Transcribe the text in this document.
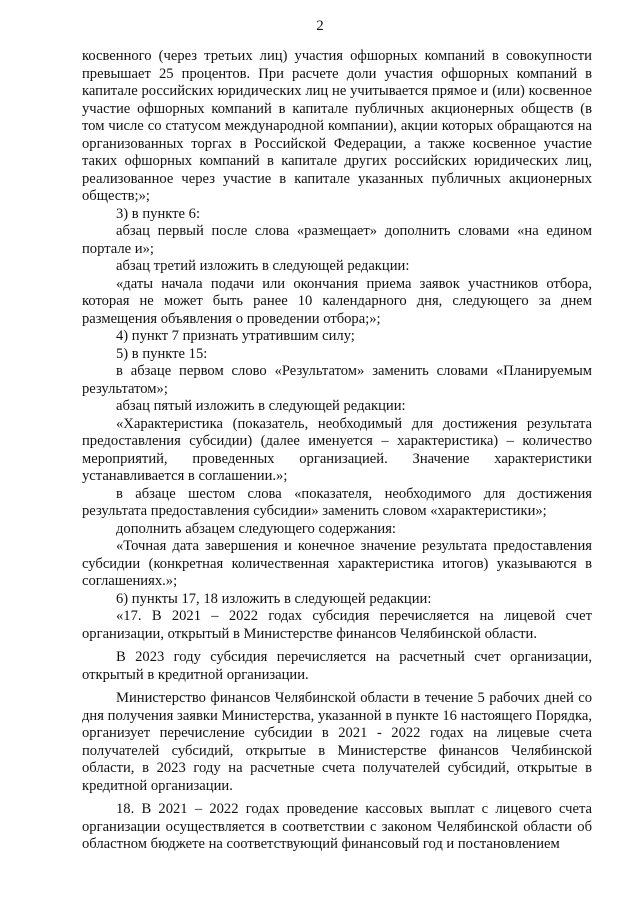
2

косвенного (через третьих лиц) участия офшорных компаний в совокупности превышает 25 процентов. При расчете доли участия офшорных компаний в капитале российских юридических лиц не учитывается прямое и (или) косвенное участие офшорных компаний в капитале публичных акционерных обществ (в том числе со статусом международной компании), акции которых обращаются на организованных торгах в Российской Федерации, а также косвенное участие таких офшорных компаний в капитале других российских юридических лиц, реализованное через участие в капитале указанных публичных акционерных обществ;»;

3) в пункте 6:

абзац первый после слова «размещает» дополнить словами «на едином портале и»;

абзац третий изложить в следующей редакции:

«даты начала подачи или окончания приема заявок участников отбора, которая не может быть ранее 10 календарного дня, следующего за днем размещения объявления о проведении отбора;»;

4) пункт 7 признать утратившим силу;

5) в пункте 15:

в абзаце первом слово «Результатом» заменить словами «Планируемым результатом»;

абзац пятый изложить в следующей редакции:

«Характеристика (показатель, необходимый для достижения результата предоставления субсидии) (далее именуется – характеристика) – количество мероприятий, проведенных организацией. Значение характеристики устанавливается в соглашении.»;

в абзаце шестом слова «показателя, необходимого для достижения результата предоставления субсидии» заменить словом «характеристики»;

дополнить абзацем следующего содержания:

«Точная дата завершения и конечное значение результата предоставления субсидии (конкретная количественная характеристика итогов) указываются в соглашениях.»;

6) пункты 17, 18 изложить в следующей редакции:

«17. В 2021 – 2022 годах субсидия перечисляется на лицевой счет организации, открытый в Министерстве финансов Челябинской области.

В 2023 году субсидия перечисляется на расчетный счет организации, открытый в кредитной организации.

Министерство финансов Челябинской области в течение 5 рабочих дней со дня получения заявки Министерства, указанной в пункте 16 настоящего Порядка, организует перечисление субсидии в 2021 - 2022 годах на лицевые счета получателей субсидий, открытые в Министерстве финансов Челябинской области, в 2023 году на расчетные счета получателей субсидий, открытые в кредитной организации.

18. В 2021 – 2022 годах проведение кассовых выплат с лицевого счета организации осуществляется в соответствии с законом Челябинской области об областном бюджете на соответствующий финансовый год и постановлением
